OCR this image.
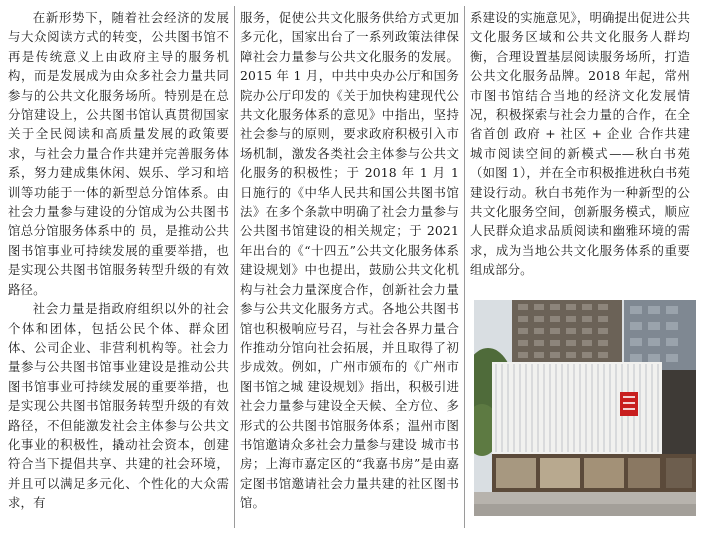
在新形势下，随着社会经济的发展与大众阅读方式的转变，公共图书馆不再是传统意义上由政府主导的服务机构，而是发展成为由众多社会力量共同参与的公共文化服务场所。特别是在总分馆建设上，公共图书馆认真贯彻国家关于全民阅读和高质量发展的政策要求，与社会力量合作共建并完善服务体系，努力建成集休闲、娱乐、学习和培训等功能于一体的新型总分馆体系。由社会力量参与建设的分馆成为公共图书馆总分馆服务体系中的 员，是推动公共图书馆事业可持续发展的重要举措，也是实现公共图书馆服务转型升级的有效路径。

社会力量是指政府组织以外的社会个体和团体，包括公民个体、群众团体、公司企业、非营利机构等。社会力量参与公共图书馆事业建设是推动公共图书馆事业可持续发展的重要举措，也是实现公共图书馆服务转型升级的有效路径，不但能激发社会主体参与公共文化事业的积极性，撬动社会资本，创建符合当下提倡共享、共建的社会环境，并且可以满足多元化、个性化的大众需求，有

服务，促使公共文化服务供给方式更加多元化，国家出台了一系列政策法律保障社会力量参与公共文化服务的发展。2015 年 1 月，中共中央办公厅和国务院办公厅印发的《关于加快构建现代公共文化服务体系的意见》中指出，坚持社会参与的原则，要求政府积极引入市场机制，激发各类社会主体参与公共文化服务的积极性；于 2018 年 1 月 1 日施行的《中华人民共和国公共图书馆法》在多个条款中明确了社会力量参与公共图书馆建设的相关规定；于 2021 年出台的《“十四五”公共文化服务体系建设规划》中也提出，鼓励公共文化机构与社会力量深度合作，创新社会力量参与公共文化服务方式。各地公共图书馆也积极响应号召，与社会各界力量合作推动分馆向社会拓展，并且取得了初步成效。例如，广州市颁布的《广州市 图书馆之城 建设规划》指出，积极引进社会力量参与建设全天候、全方位、多形式的公共图书馆服务体系；温州市图书馆邀请众多社会力量参与建设 城市书房；上海市嘉定区的“我嘉书房”是由嘉定图书馆邀请社会力量共建的社区图书馆。

系建设的实施意见》，明确提出促进公共文化服务区域和公共文化服务人群均衡，合理设置基层阅读服务场所，打造公共文化服务品牌。2018 年起，常州市图书馆结合当地的经济文化发展情况，积极探索与社会力量的合作，在全省首创 政府 + 社区 + 企业 合作共建城市阅读空间的新模式——秋白书苑（如图 1），并在全市积极推进秋白书苑建设行动。秋白书苑作为一种新型的公共文化服务空间，创新服务模式，顺应人民群众追求品质阅读和幽雅环境的需求，成为当地公共文化服务体系的重要组成部分。
